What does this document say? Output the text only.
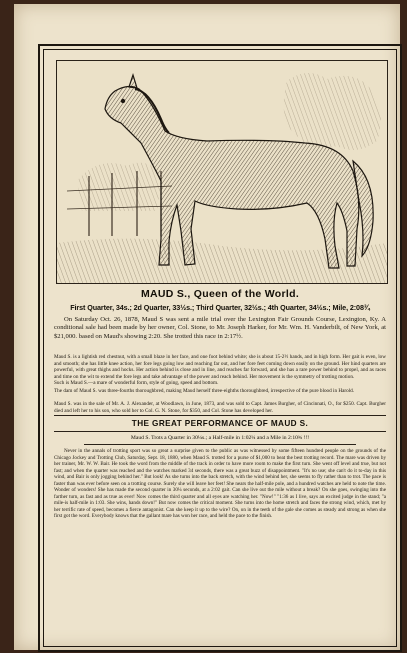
MAUD S., Queen of the World.

First Quarter, 34s.; 2d Quarter, 33½s.; Third Quarter, 32½s.; 4th Quarter, 34½s.; Mile, 2:08¾

On Saturday Oct. 26, 1878, Maud S was sent a mile trial over the Lexington Fair Grounds Course, Lexington, Ky. A conditional sale had been made by her owner, Col. Stone, to Mr. Joseph Harker, for Mr. Wm. H. Vanderbilt, of New York, at $21,000. based on Maud's showing 2:20. She trotted this race in 2:17½.

Maud S. is a lightish red chestnut, with a small blaze in her face, and one foot behind white; she is about 15-2½ hands, and in high form. Her gait is even, low and smooth; she has little knee action, her fore legs going low and reaching far out, and her fore feet coming down easily on the ground. Her hind quarters are powerful, with great thighs and hocks. Her action behind is close and in line, and reaches far forward, and she has a rare power behind to propel, and as races and time on the wit to extend the fore legs and take advantage of the power and reach behind. Her movement is the symmetry of trotting motion.

Such is Maud S.—a mare of wonderful form, style of going, speed and bottom.

The dam of Maud S. was three-fourths thoroughbred, making Maud herself three-eighths thoroughbred, irrespective of the pure blood in Harold.

Maud S. was in the sale of Mr. A. J. Alexander, at Woodlawn, in June, 1873, and was sold to Capt. James Burgher, of Cincinnati, O., for $250. Capt. Burgher died and left her to his son, who sold her to Col. G. N. Stone, for $350, and Col. Stone has developed her.

THE GREAT PERFORMANCE OF MAUD S.

Maud S. Trots a Quarter in 30¼s.; a Half-mile in 1:02¼ and a Mile in 2:10¾ !!!

Never in the annals of trotting sport was so great a surprise given to the public as was witnessed by some fifteen hundred people on the grounds of the Chicago Jockey and Trotting Club, Saturday, Sept. 18, 1880, when Maud S. trotted for a purse of $1,000 to beat the best trotting record. The mare was driven by her trainer, Mr. W. W. Bair. He took the word from the middle of the track in order to have more room to make the first turn. She went off level and true, but not fast; and when the quarter was reached and the watches marked 34 seconds, there was a great buzz of disappointment. "It's no use; she can't do it to-day in this wind, and Bair is only jogging behind her." But look! As she turns into the back stretch, with the wind behind her, she seems to fly rather than to trot. The pace is faster than was ever before seen on a trotting course. Surely she will leave her feet! She nears the half-mile pole, and a hundred watches are held to note the time. Wonder of wonders! She has made the second quarter in 30¼ seconds, at a 2:02 gait. Can she live out the mile without a break? On she goes, swinging into the farther turn, as fast and as true as ever! Now comes the third quarter and all eyes are watching her. "Now!" "1:36 as I live, says an excited judge in the stand; "a mile-is half-mile in 1:03. She wins, hands down!" But now comes the critical moment. She turns into the home stretch and faces the strong wind, which, met by her terrific rate of speed, becomes a fierce antagonist. Can she keep it up to the wire? On, on in the teeth of the gale she comes as steady and strong as when she first got the word. Everybody knows that the gallant mare has won her race, and held the pace to the finish.
